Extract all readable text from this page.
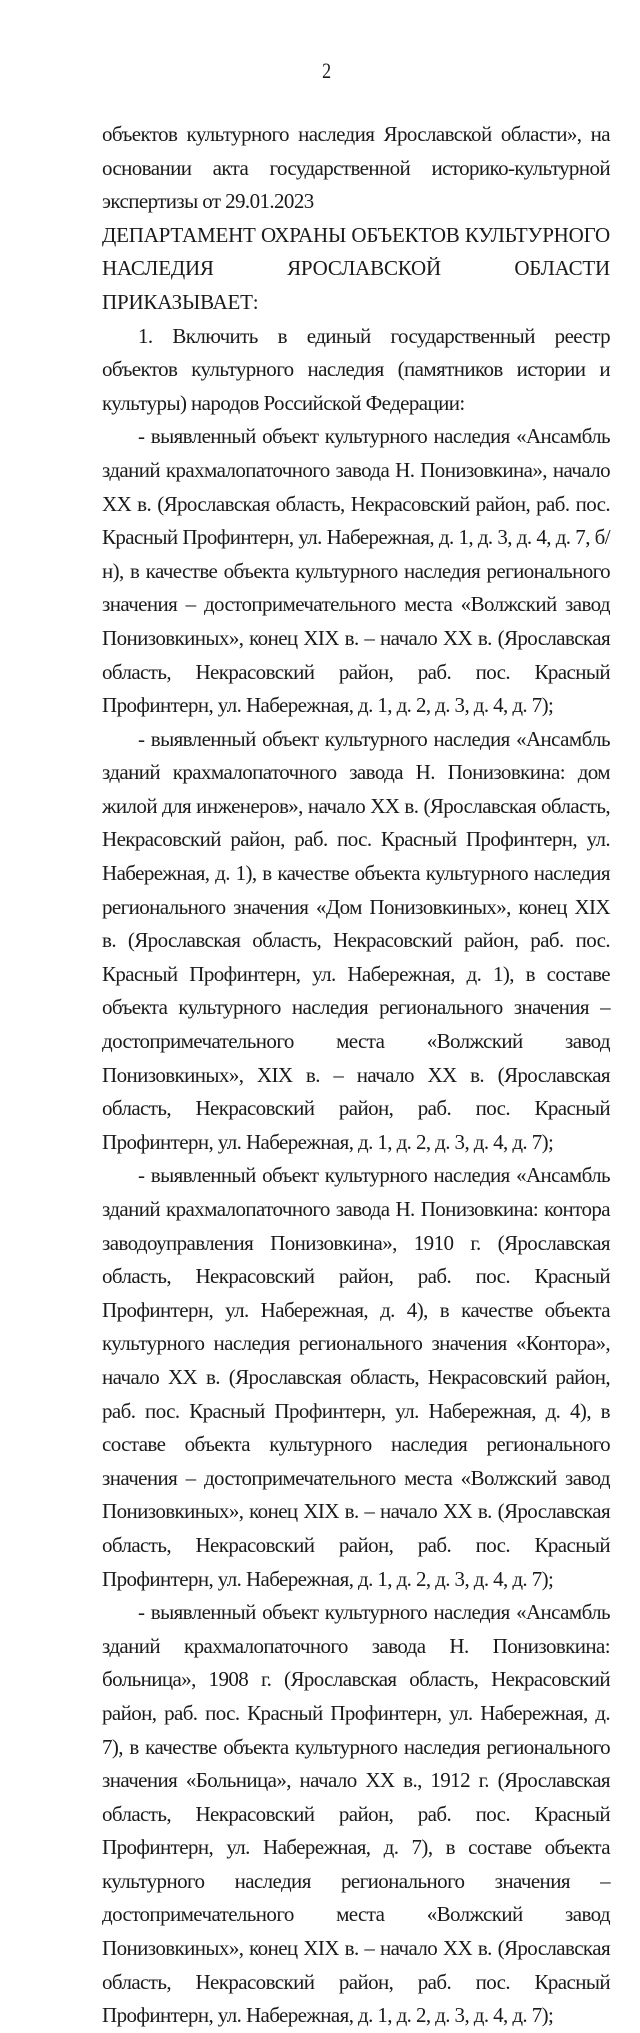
2

объектов культурного наследия Ярославской области», на основании акта государственной историко-культурной экспертизы от 29.01.2023

ДЕПАРТАМЕНТ ОХРАНЫ ОБЪЕКТОВ КУЛЬТУРНОГО НАСЛЕДИЯ ЯРОСЛАВСКОЙ ОБЛАСТИ ПРИКАЗЫВАЕТ:

1. Включить в единый государственный реестр объектов культурного наследия (памятников истории и культуры) народов Российской Федерации:

- выявленный объект культурного наследия «Ансамбль зданий крахмалопаточного завода Н. Понизовкина», начало XX в. (Ярославская область, Некрасовский район, раб. пос. Красный Профинтерн, ул. Набережная, д. 1, д. 3, д. 4, д. 7, б/н), в качестве объекта культурного наследия регионального значения – достопримечательного места «Волжский завод Понизовкиных», конец XIX в. – начало XX в. (Ярославская область, Некрасовский район, раб. пос. Красный Профинтерн, ул. Набережная, д. 1, д. 2, д. 3, д. 4, д. 7);

- выявленный объект культурного наследия «Ансамбль зданий крахмалопаточного завода Н. Понизовкина: дом жилой для инженеров», начало XX в. (Ярославская область, Некрасовский район, раб. пос. Красный Профинтерн, ул. Набережная, д. 1), в качестве объекта культурного наследия регионального значения «Дом Понизовкиных», конец XIX в. (Ярославская область, Некрасовский район, раб. пос. Красный Профинтерн, ул. Набережная, д. 1), в составе объекта культурного наследия регионального значения – достопримечательного места «Волжский завод Понизовкиных», XIX в. – начало XX в. (Ярославская область, Некрасовский район, раб. пос. Красный Профинтерн, ул. Набережная, д. 1, д. 2, д. 3, д. 4, д. 7);

- выявленный объект культурного наследия «Ансамбль зданий крахмалопаточного завода Н. Понизовкина: контора заводоуправления Понизовкина», 1910 г. (Ярославская область, Некрасовский район, раб. пос. Красный Профинтерн, ул. Набережная, д. 4), в качестве объекта культурного наследия регионального значения «Контора», начало XX в. (Ярославская область, Некрасовский район, раб. пос. Красный Профинтерн, ул. Набережная, д. 4), в составе объекта культурного наследия регионального значения – достопримечательного места «Волжский завод Понизовкиных», конец XIX в. – начало XX в. (Ярославская область, Некрасовский район, раб. пос. Красный Профинтерн, ул. Набережная, д. 1, д. 2, д. 3, д. 4, д. 7);

- выявленный объект культурного наследия «Ансамбль зданий крахмалопаточного завода Н. Понизовкина: больница», 1908 г. (Ярославская область, Некрасовский район, раб. пос. Красный Профинтерн, ул. Набережная, д. 7), в качестве объекта культурного наследия регионального значения «Больница», начало XX в., 1912 г. (Ярославская область, Некрасовский район, раб. пос. Красный Профинтерн, ул. Набережная, д. 7), в составе объекта культурного наследия регионального значения – достопримечательного места «Волжский завод Понизовкиных», конец XIX в. – начало XX в. (Ярославская область, Некрасовский район, раб. пос. Красный Профинтерн, ул. Набережная, д. 1, д. 2, д. 3, д. 4, д. 7);
